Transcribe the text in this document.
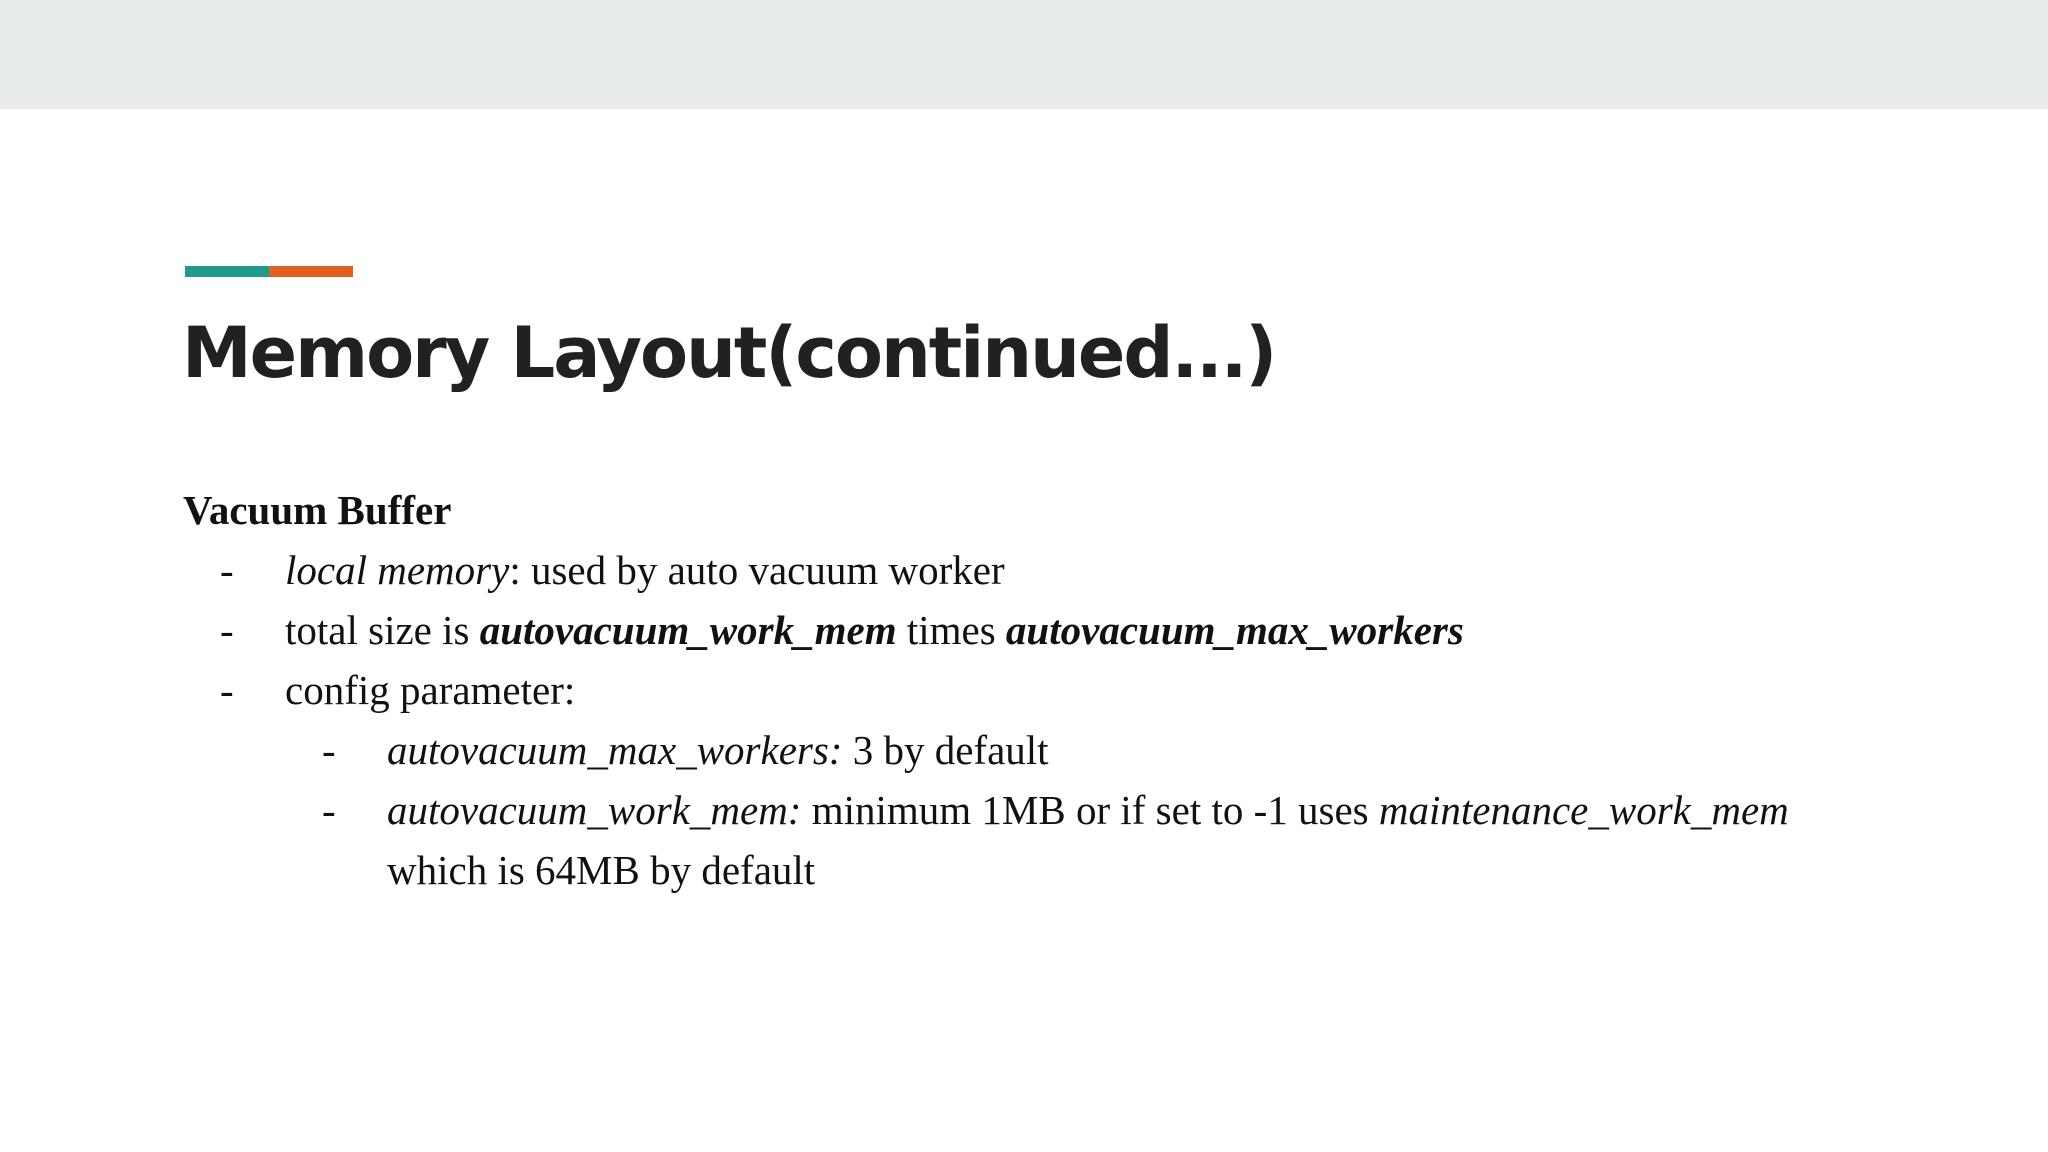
Memory Layout(continued...)
Vacuum Buffer
- local memory: used by auto vacuum worker
- total size is autovacuum_work_mem times autovacuum_max_workers
- config parameter:
- autovacuum_max_workers: 3 by default
- autovacuum_work_mem: minimum 1MB or if set to -1 uses maintenance_work_mem
which is 64MB by default
